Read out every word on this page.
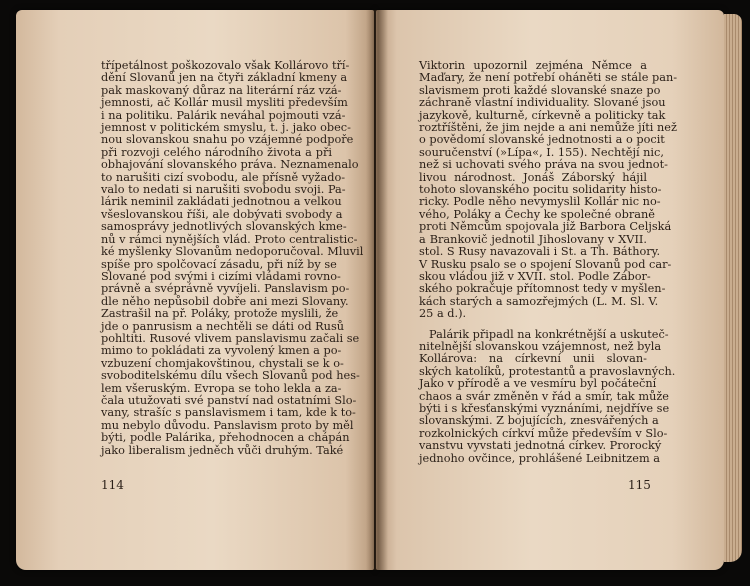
třípetálnost poškozovalo však Kollárovo tří-
dění Slovanů jen na čtyři základní kmeny a
pak maskovaný důraz na literární ráz vzá-
jemnosti, ač Kollár musil mysliti především
i na politiku. Palárik neváhal pojmouti vzá-
jemnost v politickém smyslu, t. j. jako obec-
nou slovanskou snahu po vzájemné podpoře
při rozvoji celého národního života a při
obhajování slovanského práva. Neznamenalo
to narušiti cizí svobodu, ale přísně vyžado-
valo to nedati si narušiti svobodu svoji. Pa-
lárik neminil zakládati jednotnou a velkou
všeslovanskou říši, ale dobývati svobody a
samosprávy jednotlivých slovanských kme-
nů v rámci nynějších vlád. Proto centralistic-
ké myšlenky Slovanům nedoporučoval. Mluvil
spíše pro spolčovací zásadu, při níž by se
Slované pod svými i cizími vládami rovno-
právně a svéprávně vyvíjeli. Panslavism po-
dle něho nepůsobil dobře ani mezi Slovany.
Zastrašil na př. Poláky, protože myslili, že
jde o panrusism a nechtěli se dáti od Rusů
pohltiti. Rusové vlivem panslavismu začali se
mimo to pokládati za vyvolený kmen a po-
vzbuzení chomjakovštinou, chystali se k o-
svoboditelskému dílu všech Slovanů pod hes-
lem všeruským. Evropa se toho lekla a za-
čala utužovati své panství nad ostatními Slo-
vany, strašíc s panslavismem i tam, kde k to-
mu nebylo důvodu. Panslavism proto by měl
býti, podle Palárika, přehodnocen a chápán
jako liberalism jedněch vůči druhým. Také
Viktorin upozornil zejména Němce a
Maďary, že není potřebí oháněti se stále pan-
slavismem proti každé slovanské snaze po
záchraně vlastní individuality. Slované jsou
jazykově, kulturně, církevně a politicky tak
roztříštěni, že jim nejde a ani nemůže jíti než
o povědomí slovanské jednotnosti a o pocit
souručenství (»Lípa«, I. 155). Nechtějí nic,
než si uchovati svého práva na svou jednot-
livou národnost. Jonáš Záborský hájil
tohoto slovanského pocitu solidarity histo-
ricky. Podle něho nevymyslil Kollár nic no-
vého, Poláky a Čechy ke společné obraně
proti Němcům spojovala již Barbora Celjská
a Brankovič jednotil Jihoslovany v XVII.
stol. S Rusy navazovali i St. a Th. Báthory.
V Rusku psalo se o spojení Slovanů pod car-
skou vládou již v XVII. stol. Podle Zábor-
ského pokračuje přítomnost tedy v myšlen-
kách starých a samozřejmých (L. M. Sl. V.
25 a d.).
Palárik připadl na konkrétnější a uskuteč-
nitelnější slovanskou vzájemnost, než byla
Kollárova: na církevní unii slovan-
ských katolíků, protestantů a pravoslavných.
Jako v přírodě a ve vesmíru byl počáteční
chaos a svár změněn v řád a smír, tak může
býti i s křesťanskými vyznáními, nejdříve se
slovanskými. Z bojujících, znesvářených a
rozkolnických církví může především v Slo-
vanstvu vyvstati jednotná církev. Prorocký
jednoho ovčince, prohlášené Leibnitzem a
114	115
